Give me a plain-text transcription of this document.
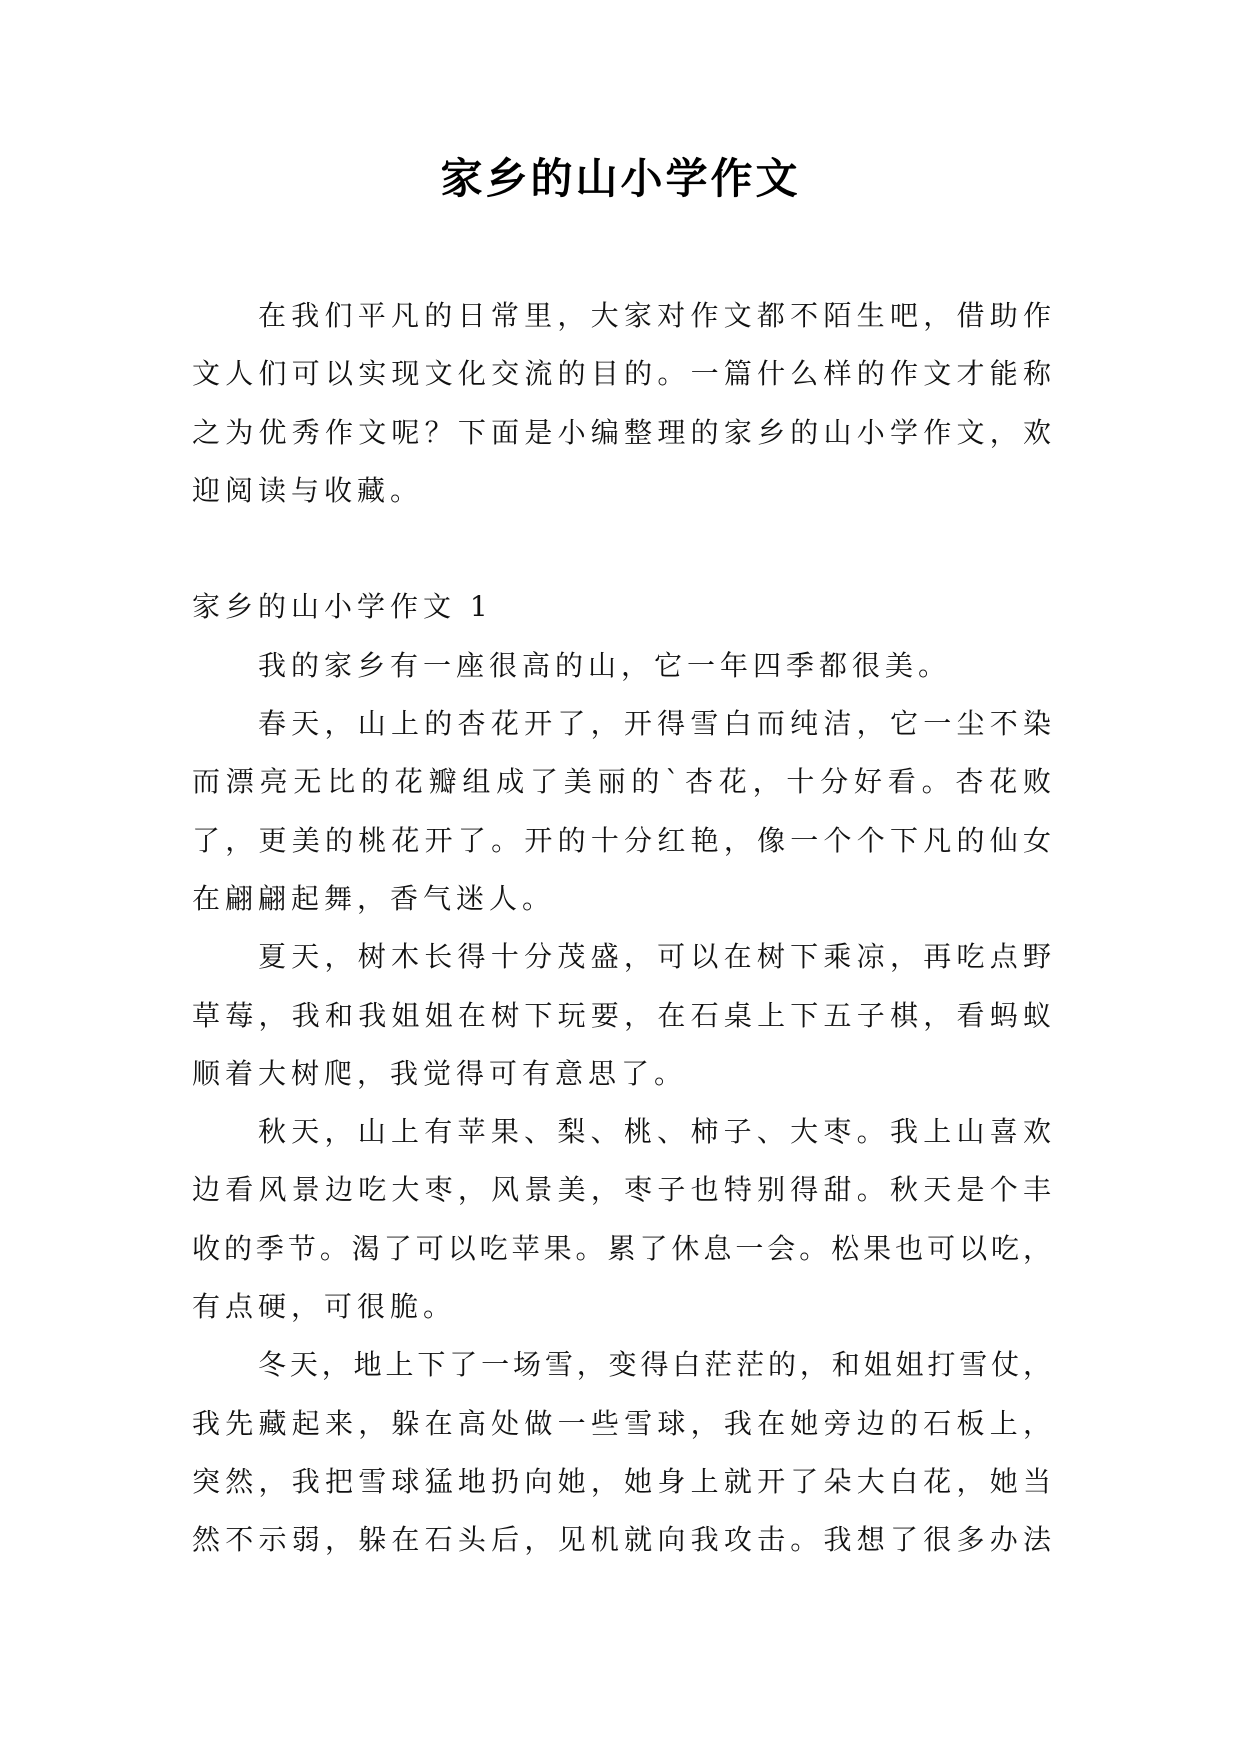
家乡的山小学作文
在我们平凡的日常里，大家对作文都不陌生吧，借助作
文人们可以实现文化交流的目的。一篇什么样的作文才能称
之为优秀作文呢？下面是小编整理的家乡的山小学作文，欢
迎阅读与收藏。
家乡的山小学作文 1
我的家乡有一座很高的山，它一年四季都很美。
春天，山上的杏花开了，开得雪白而纯洁，它一尘不染
而漂亮无比的花瓣组成了美丽的`杏花，十分好看。杏花败
了，更美的桃花开了。开的十分红艳，像一个个下凡的仙女
在翩翩起舞，香气迷人。
夏天，树木长得十分茂盛，可以在树下乘凉，再吃点野
草莓，我和我姐姐在树下玩要，在石桌上下五子棋，看蚂蚁
顺着大树爬，我觉得可有意思了。
秋天，山上有苹果、梨、桃、柿子、大枣。我上山喜欢
边看风景边吃大枣，风景美，枣子也特别得甜。秋天是个丰
收的季节。渴了可以吃苹果。累了休息一会。松果也可以吃，
有点硬，可很脆。
冬天，地上下了一场雪，变得白茫茫的，和姐姐打雪仗，
我先藏起来，躲在高处做一些雪球，我在她旁边的石板上，
突然，我把雪球猛地扔向她，她身上就开了朵大白花，她当
然不示弱，躲在石头后，见机就向我攻击。我想了很多办法
